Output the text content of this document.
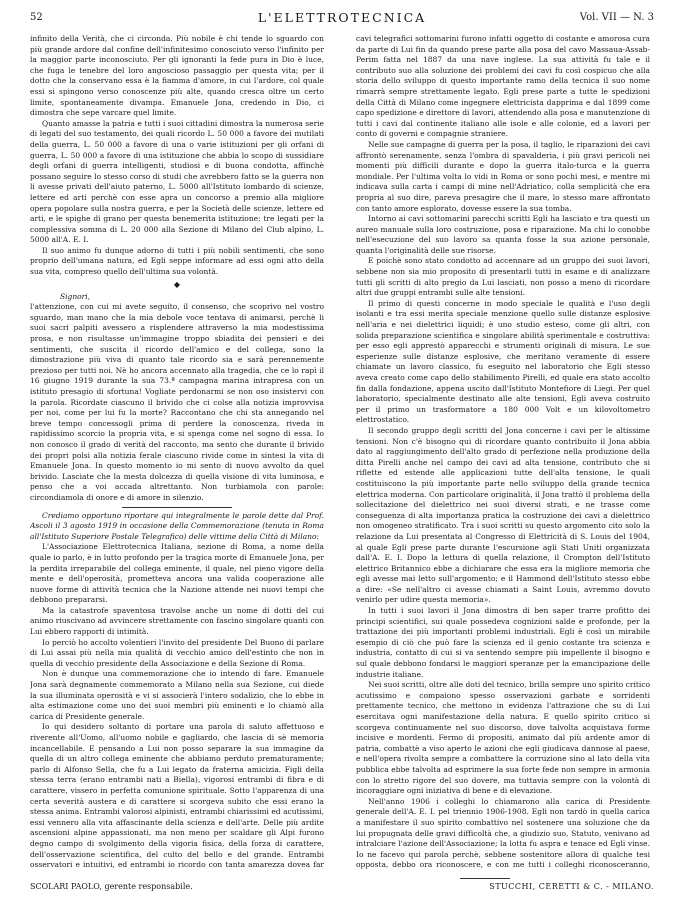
52	L'ELETTROTECNICA	Vol. VII — N. 3

infinito della Verità, che ci circonda. Più nobile è chi tende lo sguardo con più grande ardore dal confine dell'infinitesimo conosciuto verso l'infinito per la maggior parte inconosciuto. Per gli ignoranti la fede pura in Dio è luce, che fuga le tenebre del loro angoscioso passaggio per questa vita; per il dotto che la conservano essa è la fiamma d'amore, in cui l'ardore, col quale essi si spingono verso conoscenze più alte, quando cresca oltre un certo limite, spontaneamente divampa. Emanuele Jona, credendo in Dio, ci dimostra che sepe varcare quel limite.

Quanto amasse la patria e tutti i suoi cittadini dimostra la numerosa serie di legati del suo testamento, dei quali ricordo L. 50 000 a favore dei mutilati della guerra, L. 50 000 a favore di una o varie istituzioni per gli orfani di guerra, L. 50 000 a favore di una istituzione che abbia lo scopo di sussidiare degli orfani di guerra intelligenti, studiosi e di buona condotta, affinchè possano seguire lo stesso corso di studi che avrebbero fatto se la guerra non li avesse privati dell'aiuto paterno, L. 5000 all'Istituto lombardo di scienze, lettere ed arti perchè con esse apra un concorso a premio alla migliore opera popolare sulla nostra guerra, e per la Società delle scienze, lettere ed arti, e le spighe di grano per questa benemerita istituzione; tre legati per la complessiva somma di L. 20 000 alla Sezione di Milano del Club alpino, L. 5000 all'A. E. I.

Il suo animo fu dunque adorno di tutti i più nobili sentimenti, che sono proprio dell'umana natura, ed Egli seppe informare ad essi ogni atto della sua vita, compreso quello dell'ultima sua volontà.

◆

Signori,

l'attenzione, con cui mi avete seguito, il consenso, che scoprivo nel vostro sguardo, man mano che la mia debole voce tentava di animarsi, perchè li suoi sacri palpiti avessero a risplendere attraverso la mia modestissima prosa, e non risultasse un'immagine troppo sbiadita dei pensieri e dei sentimenti, che suscita il ricordo dell'amico e del collega, sono la dimostrazione più viva di quanto tale ricordo sia e sarà perennemente prezioso per tutti noi. Nè ho ancora accennato alla tragedia, che ce lo rapì il 16 giugno 1919 durante la sua 73.ª campagna marina intrapresa con un istituto presagio di sfortuna! Vogliate perdonarmi se non oso insistervi con la parola. Ricordate ciascuno il brivido che ci colse alla notizia improvvisa per noi, come per lui fu la morte? Raccontano che chi sta annegando nel breve tempo concessogli prima di perdere la conoscenza, riveda in rapidissimo scorcio la propria vita, e si spenga come nel sogno di essa. Io non conosco il grado di verità del racconto, ma sento che durante il brivido dei propri polsi alla notizia ferale ciascuno rivide come in sintesi la vita di Emanuele Jona. In questo momento io mi sento di nuovo avvolto da quel brivido. Lasciate che la mesta dolcezza di quella visione di vita luminosa, e penso che a voi accada altrettanto. Non turbiamola con parole: circondiamola di onore e di amore in silenzio.

Crediamo opportuno riportare qui integralmente le parole dette dal Prof. Ascoli il 3 agosto 1919 in occasione della Commemorazione (tenuta in Roma all'Istituto Superiore Postale Telegrafico) delle vittime della Città di Milano:

L'Associazione Elettrotecnica Italiana, sezione di Roma, a nome della quale io parlo, è in lutto profondo per la tragica morte di Emanuele Jona, per la perdita irreparabile del collega eminente, il quale, nel pieno vigore della mente e dell'operosità, prometteva ancora una valida cooperazione alle nuove forme di attività tecnica che la Nazione attende nei nuovi tempi che debbono prepararsi.

Ma la catastrofe spaventosa travolse anche un nome di dotti del cui animo riuscivano ad avvincere strettamente con fascino singolare quanti con Lui ebbero rapporti di intimità.

Io perciò ho accolto volentieri l'invito del presidente Del Buono di parlare di Lui assai più nella mia qualità di vecchio amico dell'estinto che non in quella di vecchio presidente della Associazione e della Sezione di Roma.

Non è dunque una commemorazione che io intendo di fare. Emanuele Jona sarà degnamente commemorato a Milano nella sua Sezione, cui diede la sua illuminata operosità e vi si associerà l'intero sodalizio, che lo ebbe in alta estimazione come uno dei suoi membri più eminenti e lo chiamò alla carica di Presidente generale.

Io qui desidero soltanto di portare una parola di saluto affettuoso e riverente all'Uomo, all'uomo nobile e gagliardo, che lascia di sè memoria incancellabile. E pensando a Lui non posso separare la sua immagine da quella di un altro collega eminente che abbiamo perduto prematuramente; parlo di Alfonso Sella, che fu a Lui legato da fraterna amicizia. Figli della stessa terra (erano entrambi nati a Biella), vigorosi entrambi di fibra e di carattere, vissero in perfetta comunione spirituale. Sotto l'apparenza di una certa severità austera e di carattere si scorgeva subito che essi erano la stessa anima. Entrambi valorosi alpinisti, entrambi chiarissimi ed acutissimi, essi vennero alla vita affascinante della scienza e dell'arte. Delle più ardite ascensioni alpine appassionati, ma non meno per scaldare gli Alpi furono degno campo di svolgimento della vigoria fisica, della forza di carattere, dell'osservazione scientifica, del culto del bello e del grande. Entrambi osservatori e intuitivi, ed entrambi io ricordo con tanta amarezza dovea far

cavi telegrafici sottomarini furono infatti oggetto di costante e amorosa cura da parte di Lui fin da quando prese parte alla posa del cavo Massaua-Assab-Perim fatta nel 1887 da una nave inglese. La sua attività fu tale e il contributo suo alla soluzione dei problemi dei cavi fu così cospicuo che alla storia dello sviluppo di questo importante ramo della tecnica il suo nome rimarrà sempre strettamente legato. Egli prese parte a tutte le spedizioni della Città di Milano come ingegnere elettricista dapprima e dal 1899 come capo spedizione e direttore di lavori, attendendo alla posa e manutenzione di tutti i cavi dal continente italiano alle isole e alle colonie, ed a lavori per conto di governi e compagnie straniere.

Nelle sue campagne di guerra per la posa, il taglio, le riparazioni dei cavi affrontò serenamente, senza l'ombra di spavalderia, i più gravi pericoli nei momenti più difficili durante e dopo la guerra italo-turca e la guerra mondiale. Per l'ultima volta lo vidi in Roma or sono pochi mesi, e mentre mi indicava sulla carta i campi di mine nell'Adriatico, colla semplicità che era propria al suo dire, pareva presagire che il mare, lo stesso mare affrontato con tanto amore esplorato, dovesse essere la sua tomba.

Intorno ai cavi sottomarini parecchi scritti Egli ha lasciato e tra questi un aureo manuale sulla loro costruzione, posa e riparazione. Ma chi lo conobbe nell'esecuzione del suo lavoro sa quanta fosse la sua azione personale, quanta l'originalità delle sue risorse.

E poichè sono stato condotto ad accennare ad un gruppo dei suoi lavori, sebbene non sia mio proposito di presentarli tutti in esame e di analizzare tutti gli scritti di alto pregio da Lui lasciati, non posso a meno di ricordare altri due gruppi entrambi sulle alte tensioni.

Il primo di questi concerne in modo speciale le qualità e l'uso degli isolanti e tra essi merita speciale menzione quello sulle distanze esplosive nell'aria e nei dielettrici liquidi; è uno studio esteso, come gli altri, con solida preparazione scientifica e singolare abilità sperimentale e costruttiva: per esso egli apprestò apparecchi e strumenti originali di misura. Le sue esperienze sulle distanze esplosive, che meritano veramente di essere chiamate un lavoro classico, fu eseguito nel laboratorio che Egli stesso aveva creato come capo dello stabilimento Pirelli, ed quale era stato accolto fin dalla fondazione, appena uscito dall'Istituto Montefiore di Liegi. Per quel laboratorio, specialmente destinato alle alte tensioni, Egli aveva costruito per il primo un trasformatore a 180 000 Volt e un kilovoltometro elettrostatico.

Il secondo gruppo degli scritti del Jona concerne i cavi per le altissime tensioni. Non c'è bisogno qui di ricordare quanto contribuito il Jona abbia dato al raggiungimento dell'alto grado di perfezione nella produzione della ditta Pirelli anche nel campo dei cavi ad alta tensione, contributo che si riflette ed estende alle applicazioni tutte dell'alta tensione, le quali costituiscono la più importante parte nello sviluppo della grande tecnica elettrica moderna. Con particolare originalità, il Jona trattò il problema della sollecitazione del dielettrico nei suoi diversi strati, e ne trasse come conseguenza di alta importanza pratica la costruzione dei cavi a dielettrico non omogeneo stratificato. Tra i suoi scritti su questo argomento cito solo la relazione da Lui presentata al Congresso di Elettricità di S. Louis del 1904, al quale Egli prese parte durante l'escursione agli Stati Uniti organizzata dall'A. E. I. Dopo la lettura di quella relazione, il Crompton dell'Istituto elettrico Britannico ebbe a dichiarare che essa era la migliore memoria che egli avesse mai letto sull'argomento; e il Hammond dell'Istituto stesso ebbe a dire: «Se nell'altro ci avesse chiamati a Saint Louis, avremmo dovuto venirlo per udire questa memoria».

In tutti i suoi lavori il Jona dimostra di ben saper trarre profitto dei principi scientifici, sui quale possedeva cognizioni salde e profonde, per la trattazione dei più importanti problemi industriali. Egli è così un mirabile esempio di ciò che può fare la scienza ed il genio costante tra scienza e industria, contatto di cui si va sentendo sempre più impellente il bisogno e sul quale debbono fondarsi le maggiori speranze per la emancipazione delle industrie italiane.

Nei suoi scritti, oltre alle doti del tecnico, brilla sempre uno spirito critico acutissimo e compaiono spesso osservazioni garbate e sorridenti prettamente tecnico, che mettono in evidenza l'attrazione che su di Lui esercitava ogni manifestazione della natura. E quello spirito critico si scorgeva continuamente nel suo discorso, dove talvolta acquistava forme incisive e mordenti. Fermo di propositi, animato dal più ardente amor di patria, combattè a viso aperto le azioni che egli giudicava dannose al paese, e nell'opera rivolta sempre a combattere la corruzione sino al lato della vita pubblica ebbe talvolta ad esprimere la sua forte fede non sempre in armonia con lo stretto rigore del suo dovere, ma tuttavia sempre con la volontà di incoraggiare ogni iniziativa di bene e di elevazione.

Nell'anno 1906 i colleghi lo chiamarono alla carica di Presidente generale dell'A. E. I. pel triennio 1906-1908. Egli non tardò in quella carica a manifestare il suo spirito combattivo nel sostenere una soluzione che da lui propugnata delle gravi difficoltà che, a giudizio suo, Statuto, venivano ad intralciare l'azione dell'Associazione; la lotta fu aspra e tenace ed Egli vinse. Io ne facevo qui parola perchè, sebbene sostenitore allora di qualche tesi opposta, debbo ora riconoscere, e con me tutti i colleghi riconosceranno,

SCOLARI PAOLO, gerente responsabile.	STUCCHI, CERETTI & C. - MILANO.
